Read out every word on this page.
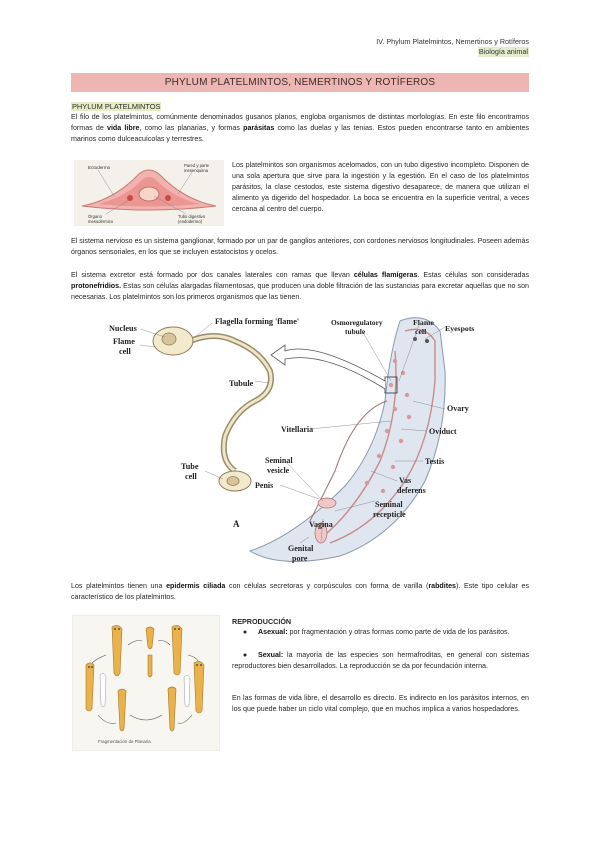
IV. Phylum Platelmintos, Nemertinos y Rotíferos
Biología animal
PHYLUM PLATELMINTOS, NEMERTINOS Y ROTÍFEROS
PHYLUM PLATELMINTOS
El filo de los platelmintos, comúnmente denominados gusanos planos, engloba organismos de distintas morfologías. En este filo encontramos formas de vida libre, como las planarias, y formas parásitas como las duelas y las tenias. Estos pueden encontrarse tanto en ambientes marinos como dulceacuícolas y terrestres.
Ectodermo	Pared y parte
mesenquima
Órgano
mesodérmico
Tubo digestivo
(endodermo)
Los platelmintos son organismos acelomados, con un tubo digestivo incompleto. Disponen de una sola apertura que sirve para la ingestión y la egestión. En el caso de los platelmintos parásitos, la clase cestodos, este sistema digestivo desaparece, de manera que utilizan el alimento ya digerido del hospedador. La boca se encuentra en la superficie ventral, a veces cercana al centro del cuerpo.
El sistema nervioso es un sistema ganglionar, formado por un par de ganglios anteriores, con cordones nerviosos longitudinales. Poseen además órganos sensoriales, en los que se incluyen estatocistos y ocelos.
El sistema excretor está formado por dos canales laterales con ramas que llevan células flamígeras. Estas células son consideradas protonefridios. Estas son células alargadas filamentosas, que producen una doble filtración de las sustancias para excretar aquellas que no son necesarias. Los platelmintos son los primeros organismos que las tienen.
Nucleus
Flame
cell
Flagella forming 'flame'	Osmoregulatory
tubule
Flame
cell Eyespots
Tubule
Tube
cell
Ovary
Vitellaria	Oviduct
Testis
Seminal
vesicle
Vas
deferens
Penis
Seminal
recepticle
A	Vagina
Genital
pore
Los platelmintos tienen una epidermis ciliada con células secretoras y corpúsculos con forma de varilla (rabdites). Este tipo celular es característico de los platelmintos.
Fragmentación de Planaria
REPRODUCCIÓN
● Asexual: por fragmentación y otras formas como parte de vida de los parásitos.
● Sexual: la mayoría de las especies son hermafroditas, en general con sistemas reproductores bien desarrollados. La reproducción se da por fecundación interna.
En las formas de vida libre, el desarrollo es directo. Es indirecto en los parásitos internos, en los que puede haber un ciclo vital complejo, que en muchos implica a varios hospedadores.
